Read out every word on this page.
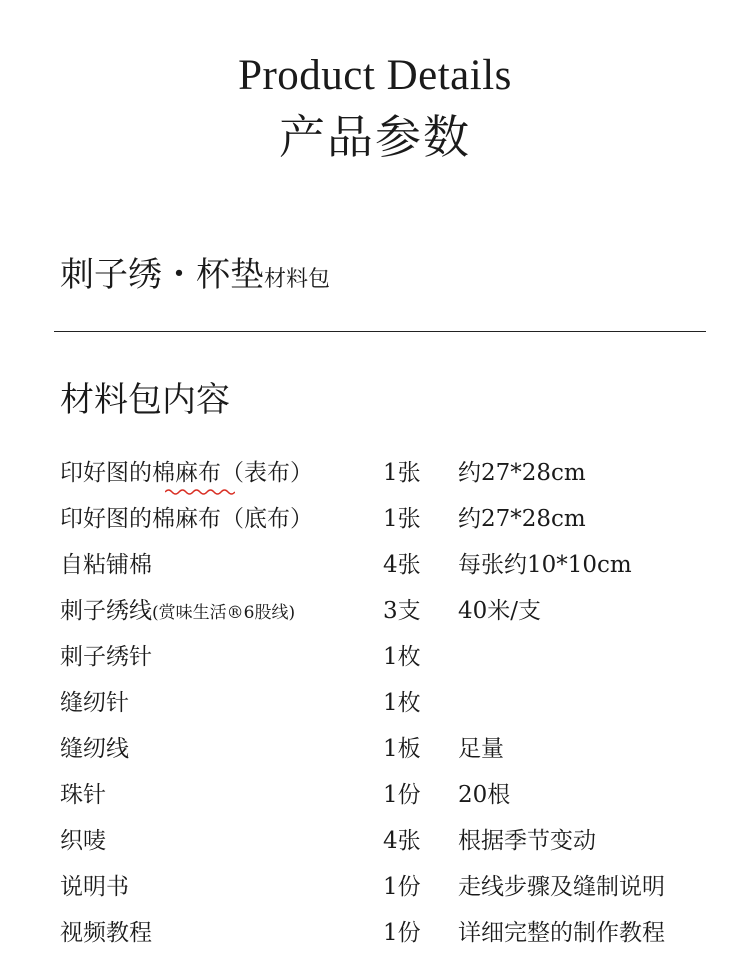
Product Details
产品参数
刺子绣・杯垫材料包
材料包内容
印好图的棉麻布（表布）	1张 约27*28cm
印好图的棉麻布（底布）	1张 约27*28cm
自粘铺棉	4张 每张约10*10cm
刺子绣线(赏味生活®6股线)	3支 40米/支
刺子绣针	1枚
缝纫针	1枚
缝纫线	1板 足量
珠针	1份 20根
织唛	4张 根据季节变动
说明书	1份 走线步骤及缝制说明
视频教程	1份 详细完整的制作教程
